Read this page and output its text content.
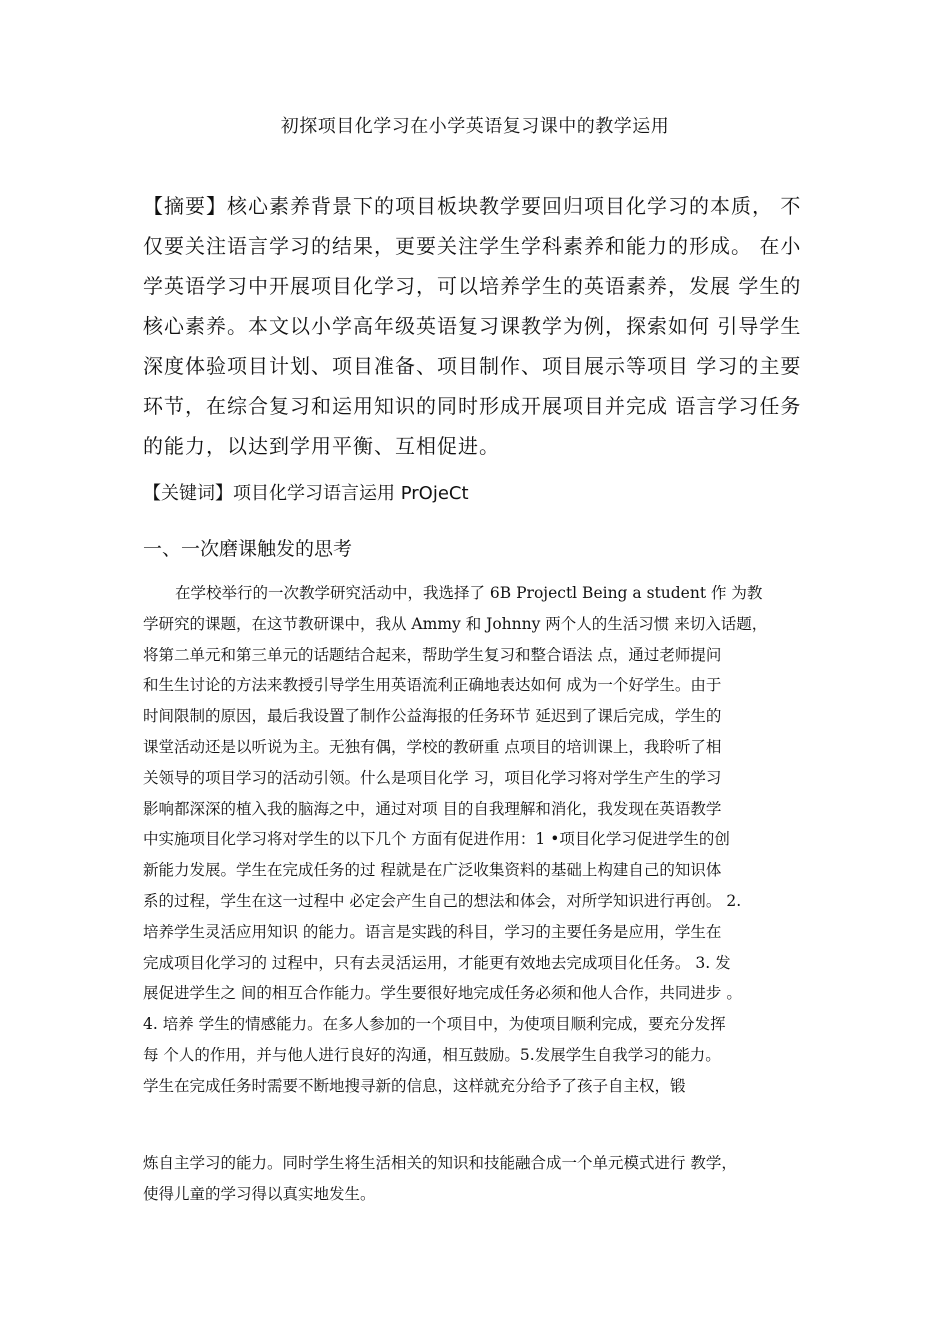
初探项目化学习在小学英语复习课中的教学运用
【摘要】核心素养背景下的项目板块教学要回归项目化学习的本质， 不
仅要关注语言学习的结果，更要关注学生学科素养和能力的形成。 在小
学英语学习中开展项目化学习，可以培养学生的英语素养，发展 学生的
核心素养。本文以小学高年级英语复习课教学为例，探索如何 引导学生
深度体验项目计划、项目准备、项目制作、项目展示等项目 学习的主要
环节，在综合复习和运用知识的同时形成开展项目并完成 语言学习任务
的能力，以达到学用平衡、互相促进。
【关键词】项目化学习语言运用 PrOjeCt
一、一次磨课触发的思考
在学校举行的一次教学研究活动中，我选择了 6B Projectl Being a student 作 为教
学研究的课题，在这节教研课中，我从 Ammy 和 Johnny 两个人的生活习惯 来切入话题，
将第二单元和第三单元的话题结合起来，帮助学生复习和整合语法 点，通过老师提问
和生生讨论的方法来教授引导学生用英语流利正确地表达如何 成为一个好学生。由于
时间限制的原因，最后我设置了制作公益海报的任务环节 延迟到了课后完成，学生的
课堂活动还是以听说为主。无独有偶，学校的教研重 点项目的培训课上，我聆听了相
关领导的项目学习的活动引领。什么是项目化学 习，项目化学习将对学生产生的学习
影响都深深的植入我的脑海之中，通过对项 目的自我理解和消化，我发现在英语教学
中实施项目化学习将对学生的以下几个 方面有促进作用：1 •项目化学习促进学生的创
新能力发展。学生在完成任务的过 程就是在广泛收集资料的基础上构建自己的知识体
系的过程，学生在这一过程中 必定会产生自己的想法和体会，对所学知识进行再创。 2.
培养学生灵活应用知识 的能力。语言是实践的科目，学习的主要任务是应用，学生在
完成项目化学习的 过程中，只有去灵活运用，才能更有效地去完成项目化任务。 3. 发
展促进学生之 间的相互合作能力。学生要很好地完成任务必须和他人合作，共同进步 。
4. 培养 学生的情感能力。在多人参加的一个项目中，为使项目顺利完成，要充分发挥
每 个人的作用，并与他人进行良好的沟通，相互鼓励。5.发展学生自我学习的能力。
学生在完成任务时需要不断地搜寻新的信息，这样就充分给予了孩子自主权，锻
炼自主学习的能力。同时学生将生活相关的知识和技能融合成一个单元模式进行 教学，
使得儿童的学习得以真实地发生。
